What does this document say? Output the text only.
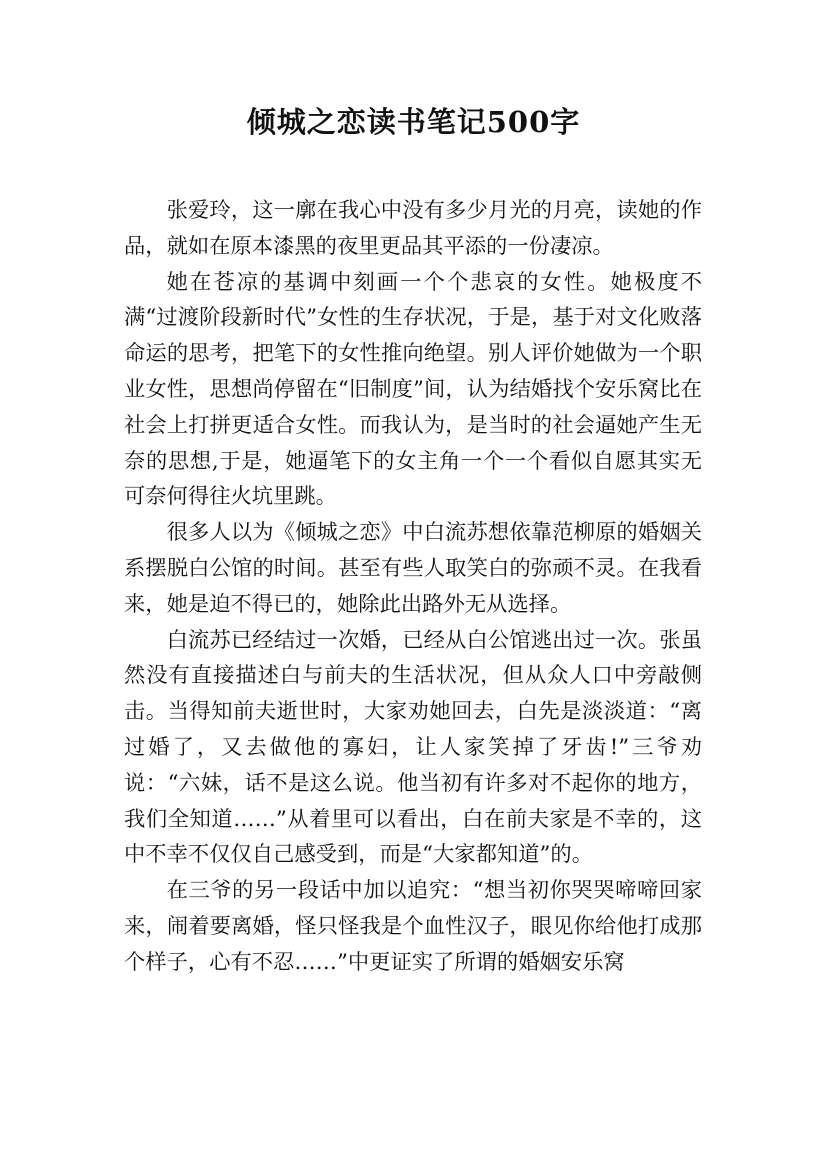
倾城之恋读书笔记500字

张爱玲，这一廓在我心中没有多少月光的月亮，读她的作品，就如在原本漆黑的夜里更品其平添的一份凄凉。

她在苍凉的基调中刻画一个个悲哀的女性。她极度不满“过渡阶段新时代”女性的生存状况，于是，基于对文化败落命运的思考，把笔下的女性推向绝望。别人评价她做为一个职业女性，思想尚停留在“旧制度”间，认为结婚找个安乐窝比在社会上打拼更适合女性。而我认为，是当时的社会逼她产生无奈的思想,于是，她逼笔下的女主角一个一个看似自愿其实无可奈何得往火坑里跳。

很多人以为《倾城之恋》中白流苏想依靠范柳原的婚姻关系摆脱白公馆的时间。甚至有些人取笑白的弥顽不灵。在我看来，她是迫不得已的，她除此出路外无从选择。

白流苏已经结过一次婚，已经从白公馆逃出过一次。张虽然没有直接描述白与前夫的生活状况，但从众人口中旁敲侧击。当得知前夫逝世时，大家劝她回去，白先是淡淡道：“离过婚了，又去做他的寡妇，让人家笑掉了牙齿!”三爷劝说：“六妹，话不是这么说。他当初有许多对不起你的地方，我们全知道……”从着里可以看出，白在前夫家是不幸的，这中不幸不仅仅自己感受到，而是“大家都知道”的。

在三爷的另一段话中加以追究：“想当初你哭哭啼啼回家来，闹着要离婚，怪只怪我是个血性汉子，眼见你给他打成那个样子，心有不忍……”中更证实了所谓的婚姻安乐窝
